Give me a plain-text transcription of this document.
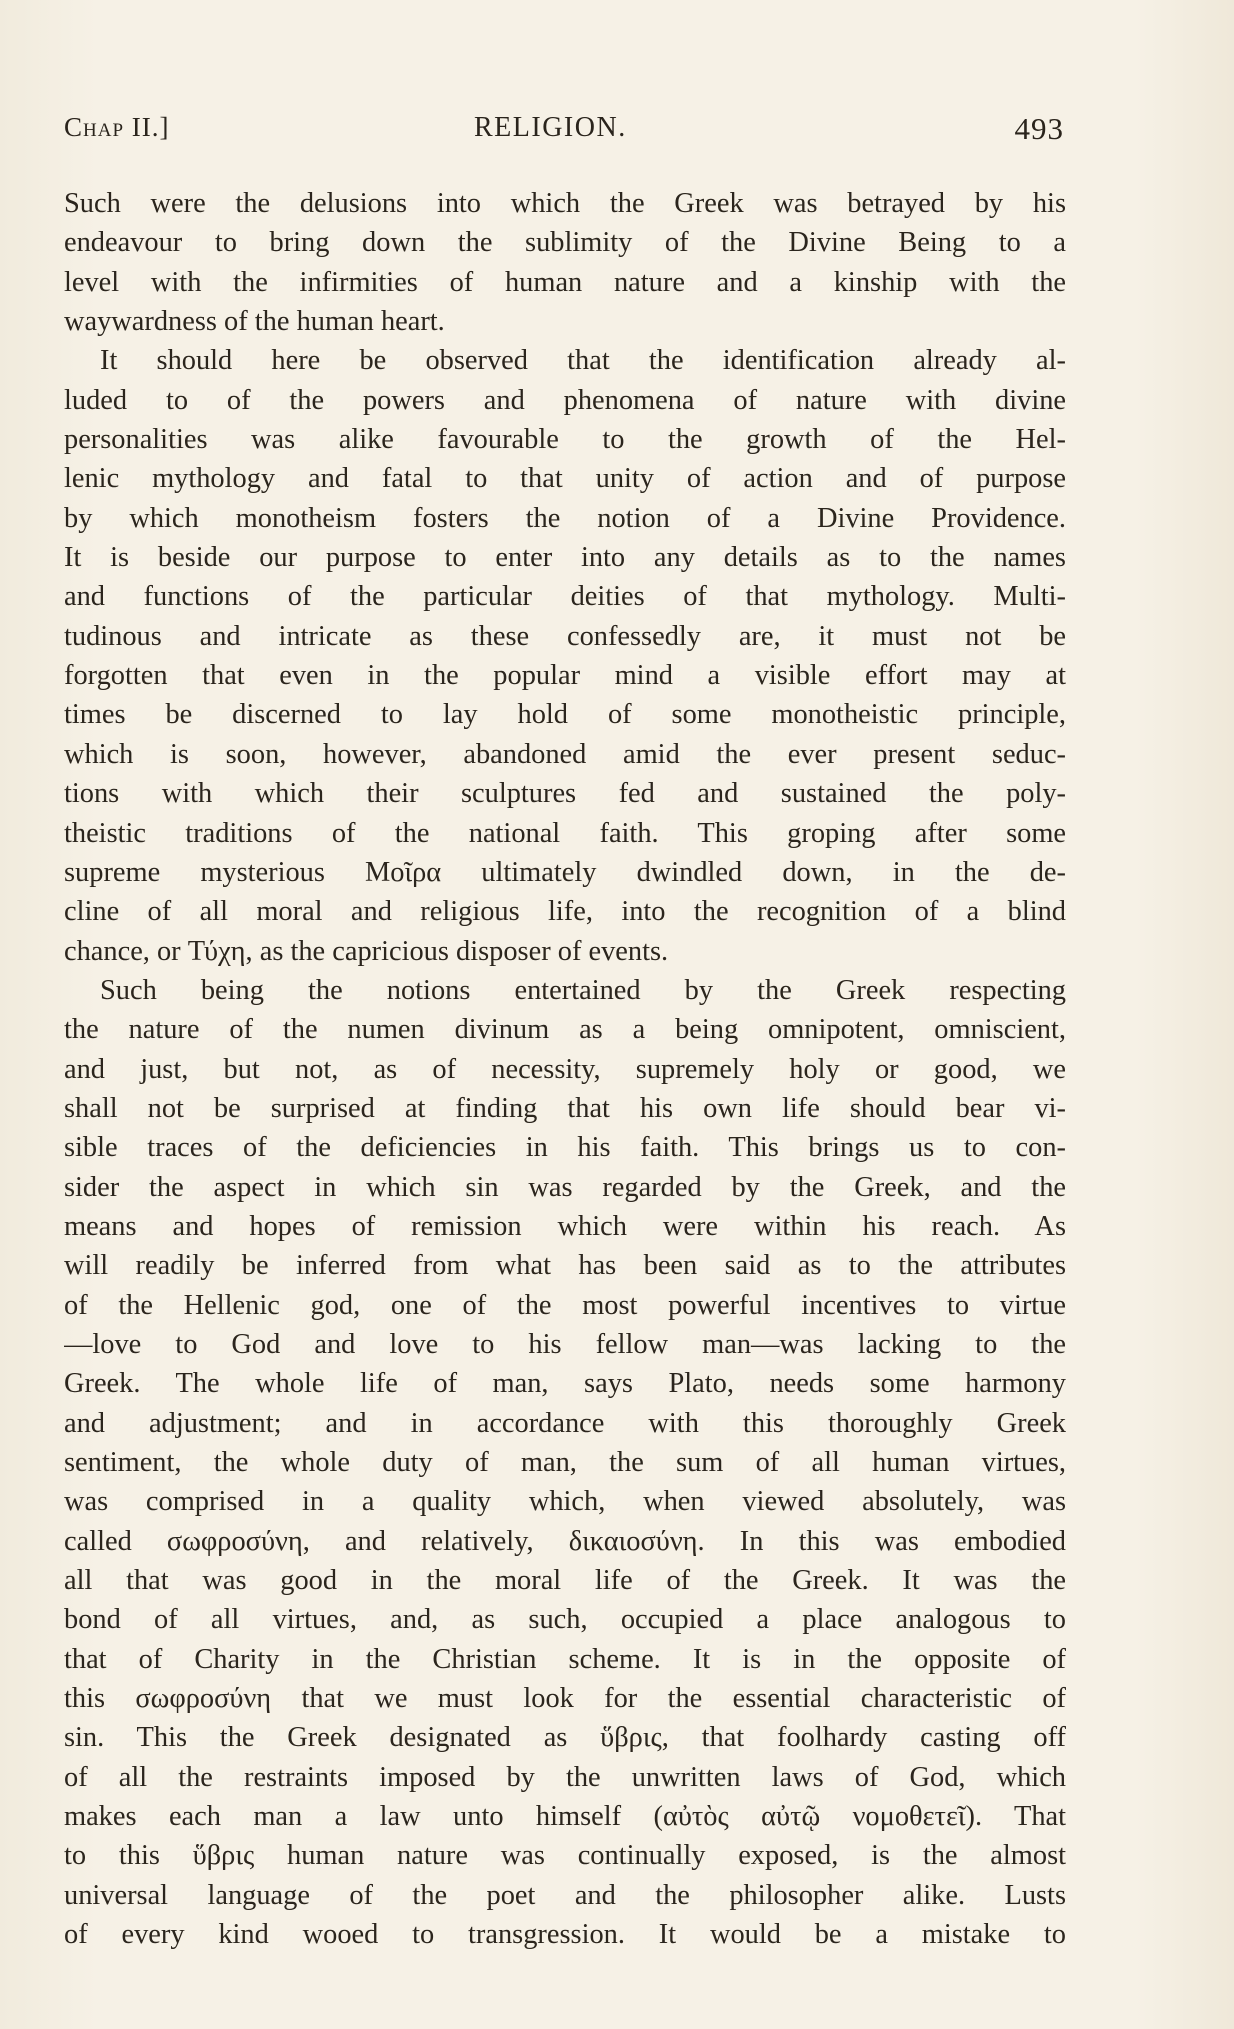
Chap II.]	RELIGION.	493
Such were the delusions into which the Greek was betrayed by his
endeavour to bring down the sublimity of the Divine Being to a
level with the infirmities of human nature and a kinship with the
waywardness of the human heart.
It should here be observed that the identification already al-
luded to of the powers and phenomena of nature with divine
personalities was alike favourable to the growth of the Hel-
lenic mythology and fatal to that unity of action and of purpose
by which monotheism fosters the notion of a Divine Providence.
It is beside our purpose to enter into any details as to the names
and functions of the particular deities of that mythology. Multi-
tudinous and intricate as these confessedly are, it must not be
forgotten that even in the popular mind a visible effort may at
times be discerned to lay hold of some monotheistic principle,
which is soon, however, abandoned amid the ever present seduc-
tions with which their sculptures fed and sustained the poly-
theistic traditions of the national faith. This groping after some
supreme mysterious Μοῖρα ultimately dwindled down, in the de-
cline of all moral and religious life, into the recognition of a blind
chance, or Τύχη, as the capricious disposer of events.
Such being the notions entertained by the Greek respecting
the nature of the numen divinum as a being omnipotent, omniscient,
and just, but not, as of necessity, supremely holy or good, we
shall not be surprised at finding that his own life should bear vi-
sible traces of the deficiencies in his faith. This brings us to con-
sider the aspect in which sin was regarded by the Greek, and the
means and hopes of remission which were within his reach. As
will readily be inferred from what has been said as to the attributes
of the Hellenic god, one of the most powerful incentives to virtue
—love to God and love to his fellow man—was lacking to the
Greek. The whole life of man, says Plato, needs some harmony
and adjustment; and in accordance with this thoroughly Greek
sentiment, the whole duty of man, the sum of all human virtues,
was comprised in a quality which, when viewed absolutely, was
called σωφροσύνη, and relatively, δικαιοσύνη. In this was embodied
all that was good in the moral life of the Greek. It was the
bond of all virtues, and, as such, occupied a place analogous to
that of Charity in the Christian scheme. It is in the opposite of
this σωφροσύνη that we must look for the essential characteristic of
sin. This the Greek designated as ὕβρις, that foolhardy casting off
of all the restraints imposed by the unwritten laws of God, which
makes each man a law unto himself (αὐτὸς αὐτῷ νομοθετεῖ). That
to this ὕβρις human nature was continually exposed, is the almost
universal language of the poet and the philosopher alike. Lusts
of every kind wooed to transgression. It would be a mistake to
